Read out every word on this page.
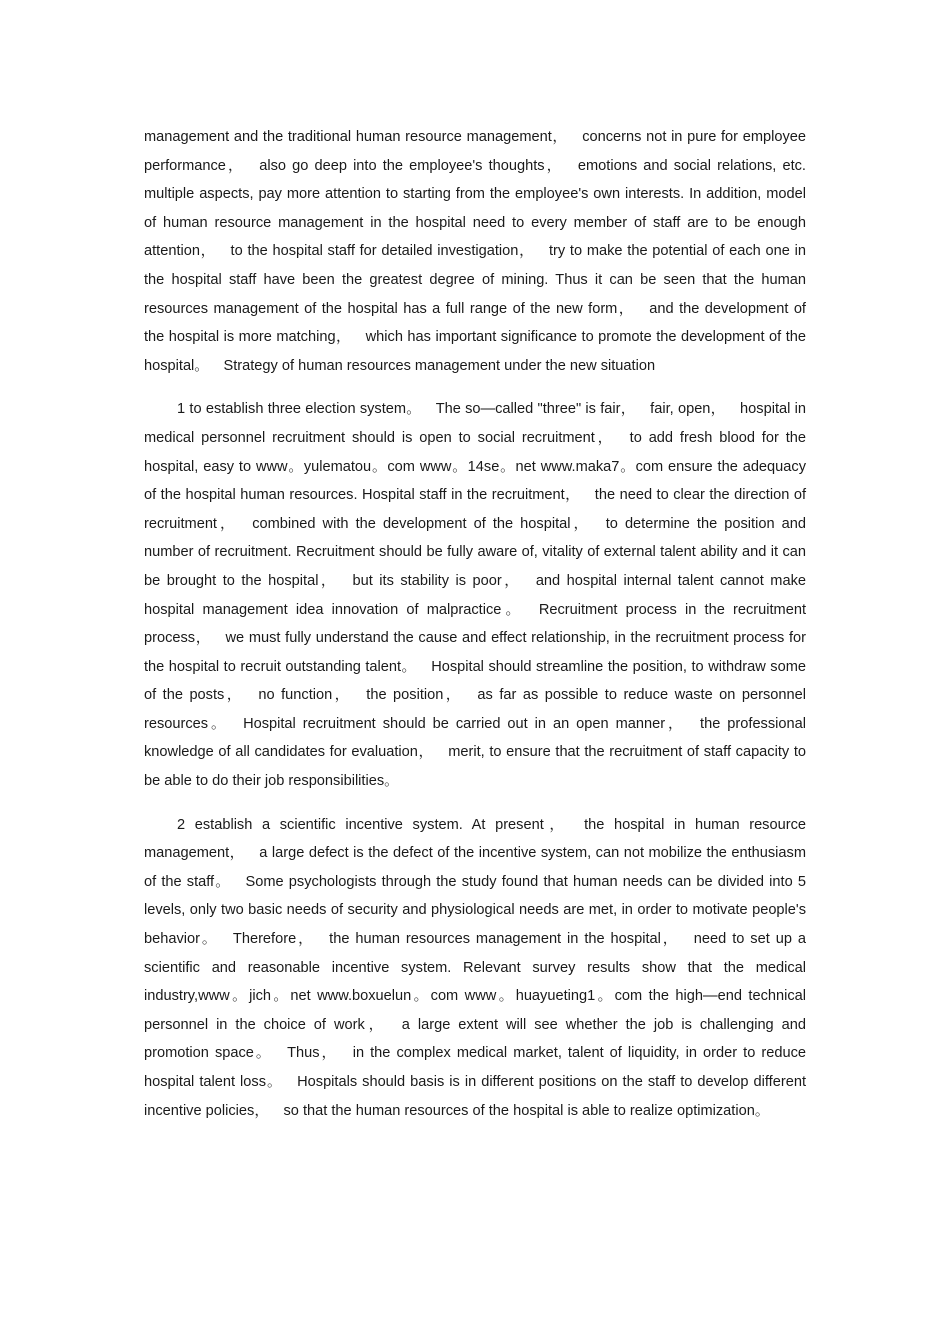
management and the traditional human resource management， concerns not in pure for employee performance， also go deep into the employee's thoughts， emotions and social relations, etc. multiple aspects, pay more attention to starting from the employee's own interests. In addition, model of human resource management in the hospital need to every member of staff are to be enough attention， to the hospital staff for detailed investigation， try to make the potential of each one in the hospital staff have been the greatest degree of mining. Thus it can be seen that the human resources management of the hospital has a full range of the new form， and the development of the hospital is more matching， which has important significance to promote the development of the hospital。 Strategy of human resources management under the new situation

1 to establish three election system。 The so—called "three" is fair， fair, open， hospital in medical personnel recruitment should is open to social recruitment， to add fresh blood for the hospital, easy to www。yulematou。com www。14se。net www.maka7。com ensure the adequacy of the hospital human resources. Hospital staff in the recruitment， the need to clear the direction of recruitment， combined with the development of the hospital， to determine the position and number of recruitment. Recruitment should be fully aware of, vitality of external talent ability and it can be brought to the hospital， but its stability is poor， and hospital internal talent cannot make hospital management idea innovation of malpractice。 Recruitment process in the recruitment process， we must fully understand the cause and effect relationship, in the recruitment process for the hospital to recruit outstanding talent。 Hospital should streamline the position, to withdraw some of the posts， no function， the position， as far as possible to reduce waste on personnel resources。 Hospital recruitment should be carried out in an open manner， the professional knowledge of all candidates for evaluation， merit, to ensure that the recruitment of staff capacity to be able to do their job responsibilities。

2 establish a scientific incentive system. At present， the hospital in human resource management， a large defect is the defect of the incentive system, can not mobilize the enthusiasm of the staff。 Some psychologists through the study found that human needs can be divided into 5 levels, only two basic needs of security and physiological needs are met, in order to motivate people's behavior。 Therefore， the human resources management in the hospital， need to set up a scientific and reasonable incentive system. Relevant survey results show that the medical industry,www。jich。net www.boxuelun。com www。huayueting1。com the high—end technical personnel in the choice of work， a large extent will see whether the job is challenging and promotion space。 Thus， in the complex medical market, talent of liquidity, in order to reduce hospital talent loss。 Hospitals should basis is in different positions on the staff to develop different incentive policies， so that the human resources of the hospital is able to realize optimization。
